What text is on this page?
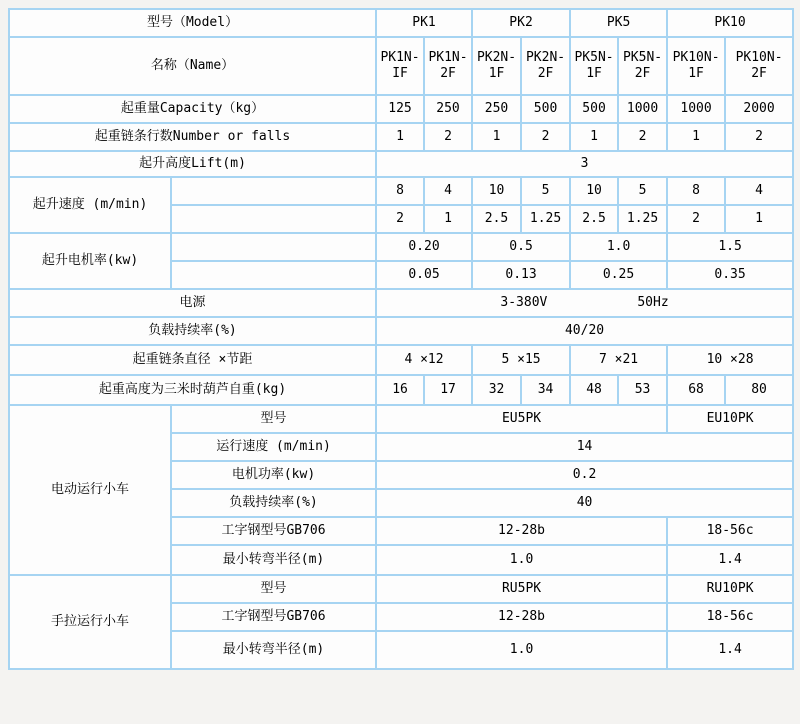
型号（Model）		PK1		PK2		PK5		PK10	
名称（Name）		PK1N-IF	PK1N-2F	PK2N-1F	PK2N-2F	PK5N-1F	PK5N-2F	PK10N-1F	PK10N-2F
起重量Capacity（kg）		125	250	250	500	500	1000	1000	2000
起重链条行数Number or falls		1	2	1	2	1	2	1	2
起升高度Lift(m)		3							
起升速度 (m/min)		8	4	10	5	10	5	8	4
		2	1	2.5	1.25	2.5	1.25	2	1
起升电机率(kw)		0.20		0.5		1.0		1.5	
		0.05		0.13		0.25		0.35	
电源		3-380V 50Hz							

负载持续率(%)		40/20							
起重链条直径 ×节距		4 ×12		5 ×15		7 ×21		10 ×28	
起重高度为三米时葫芦自重(kg)		16	17	32	34	48	53	68	80
电动运行小车	型号	EU5PK						EU10PK	
	运行速度 (m/min)	14							
	电机功率(kw)	0.2							
	负载持续率(%)	40							
	工字钢型号GB706	12-28b						18-56c	
	最小转弯半径(m)	1.0						1.4	
手拉运行小车	型号	RU5PK						RU10PK	
	工字钢型号GB706	12-28b						18-56c	
	最小转弯半径(m)	1.0						1.4	
